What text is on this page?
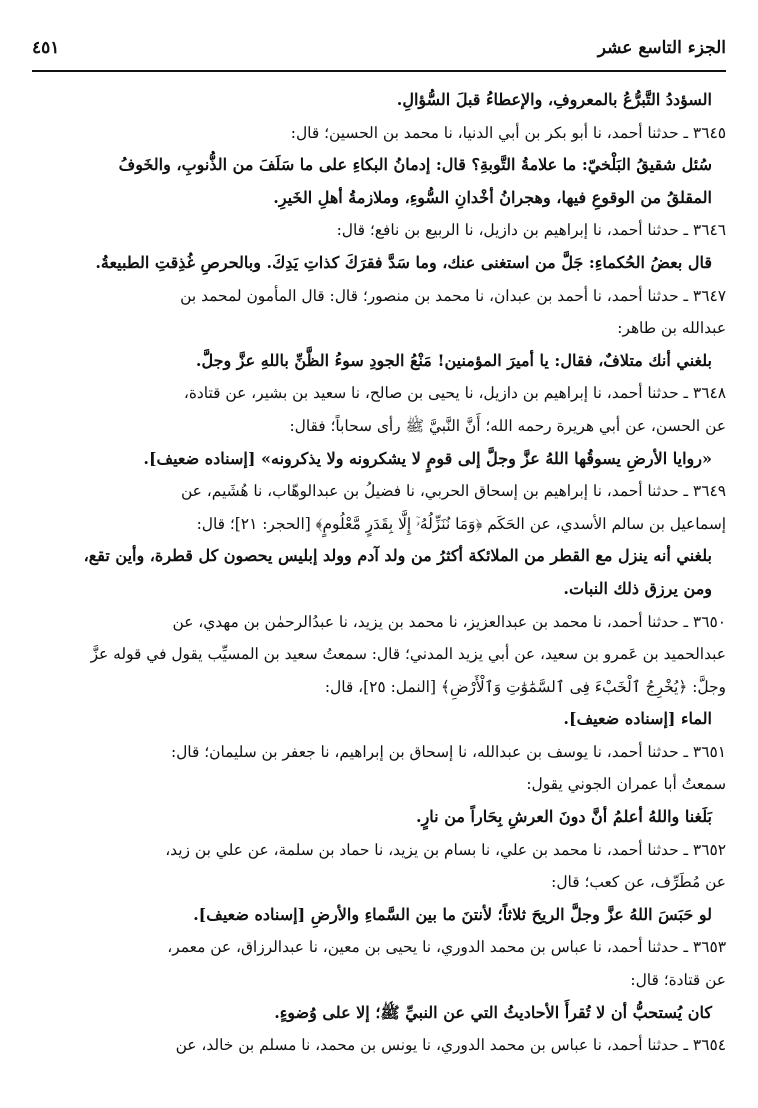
الجزء التاسع عشر
٤٥١
السؤددُ التَّبرُّعُ بالمعروفِ، والإعطاءُ قبلَ السُّؤالِ.
٣٦٤٥ ـ حدثنا أحمد، نا أبو بكر بن أبي الدنيا، نا محمد بن الحسين؛ قال:
سُئل شقيقُ البَلْخيّ: ما علامةُ التَّوبةِ؟ قال: إدمانُ البكاءِ على ما سَلَفَ من الذُّنوبِ، والخَوفُ
المقلقُ من الوقوعِ فيها، وهجرانُ أخْدانِ السُّوءِ، وملازمةُ أهلِ الخَيرِ.
٣٦٤٦ ـ حدثنا أحمد، نا إبراهيم بن دازيل، نا الربيع بن نافع؛ قال:
قال بعضُ الحُكماءِ: جَلَّ من استغنى عنك، وما سَدَّ فقرَكَ كذاتِ يَدِكَ. وبالحرصِ غُذِقتِ الطبيعةُ.
٣٦٤٧ ـ حدثنا أحمد، نا أحمد بن عبدان، نا محمد بن منصور؛ قال: قال المأمون لمحمد بن
عبدالله بن طاهر:
بلغني أنك متلافٌ، فقال: يا أميرَ المؤمنين! مَنْعُ الجودِ سوءُ الظَّنِّ باللهِ عزَّ وجلَّ.
٣٦٤٨ ـ حدثنا أحمد، نا إبراهيم بن دازيل، نا يحيى بن صالح، نا سعيد بن بشير، عن قتادة،
عن الحسن، عن أبي هريرة رحمه الله؛ أَنَّ النَّبيَّ ﷺ رأى سحاباً؛ فقال:
«روايا الأرضِ يسوقُها اللهُ عزَّ وجلَّ إلى قومٍ لا يشكرونه ولا يذكرونه» [إسناده ضعيف].
٣٦٤٩ ـ حدثنا أحمد، نا إبراهيم بن إسحاق الحربي، نا فضيلُ بن عبدالوهّاب، نا هُشَيم، عن
إسماعيل بن سالم الأسدي، عن الحَكَم ﴿وَمَا نُنَزِّلُهُۥٓ إِلَّا بِقَدَرٍ مَّعْلُومٍ﴾ [الحجر: ٢١]؛ قال:
بلغني أنه ينزل مع القطر من الملائكة أكثرُ من ولد آدم وولد إبليس يحصون كل قطرة، وأين تقع،
ومن يرزق ذلك النبات.
٣٦٥٠ ـ حدثنا أحمد، نا محمد بن عبدالعزيز، نا محمد بن يزيد، نا عبدُالرحمٰن بن مهدي، عن
عبدالحميد بن عَمرو بن سعيد، عن أبي يزيد المدني؛ قال: سمعتُ سعيد بن المسيِّب يقول في قوله عزَّ
وجلَّ: ﴿يُخْرِجُ ٱلْخَبْءَ فِى ٱلسَّمَٰوَٰتِ وَٱلْأَرْضِ﴾ [النمل: ٢٥]، قال:
الماء [إسناده ضعيف].
٣٦٥١ ـ حدثنا أحمد، نا يوسف بن عبدالله، نا إسحاق بن إبراهيم، نا جعفر بن سليمان؛ قال:
سمعتُ أبا عمران الجوني يقول:
بَلَغنا واللهُ أعلمُ أنَّ دونَ العرشِ بِحَاراً من نارٍ.
٣٦٥٢ ـ حدثنا أحمد، نا محمد بن علي، نا بسام بن يزيد، نا حماد بن سلمة، عن علي بن زيد،
عن مُطَرِّف، عن كعب؛ قال:
لو حَبَسَ اللهُ عزَّ وجلَّ الريحَ ثلاثاً؛ لأنتنَ ما بين السَّماءِ والأرضِ [إسناده ضعيف].
٣٦٥٣ ـ حدثنا أحمد، نا عباس بن محمد الدوري، نا يحيى بن معين، نا عبدالرزاق، عن معمر،
عن قتادة؛ قال:
كان يُستحبُّ أن لا تُقرأَ الأحاديثُ التي عن النبيِّ ﷺ؛ إلا على وُضوءٍ.
٣٦٥٤ ـ حدثنا أحمد، نا عباس بن محمد الدوري، نا يونس بن محمد، نا مسلم بن خالد، عن
